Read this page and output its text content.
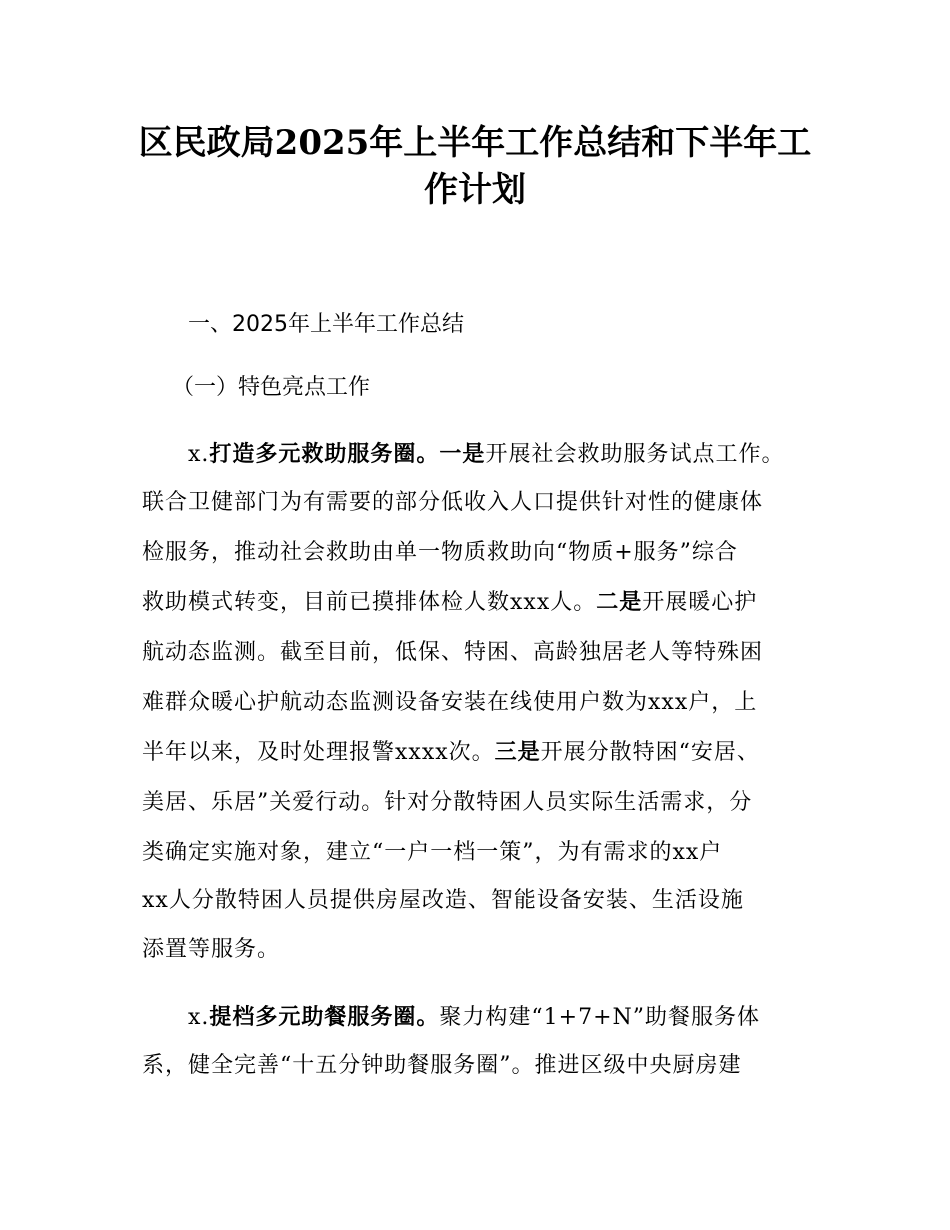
区民政局2025年上半年工作总结和下半年工
作计划
一、2025年上半年工作总结
（一）特色亮点工作
x.打造多元救助服务圈。一是开展社会救助服务试点工作。
联合卫健部门为有需要的部分低收入人口提供针对性的健康体
检服务，推动社会救助由单一物质救助向“物质+服务”综合
救助模式转变，目前已摸排体检人数xxx人。二是开展暖心护
航动态监测。截至目前，低保、特困、高龄独居老人等特殊困
难群众暖心护航动态监测设备安装在线使用户数为xxx户，上
半年以来，及时处理报警xxxx次。三是开展分散特困“安居、
美居、乐居”关爱行动。针对分散特困人员实际生活需求，分
类确定实施对象，建立“一户一档一策”，为有需求的xx户
xx人分散特困人员提供房屋改造、智能设备安装、生活设施
添置等服务。
x.提档多元助餐服务圈。聚力构建“1+7+N”助餐服务体
系，健全完善“十五分钟助餐服务圈”。推进区级中央厨房建
